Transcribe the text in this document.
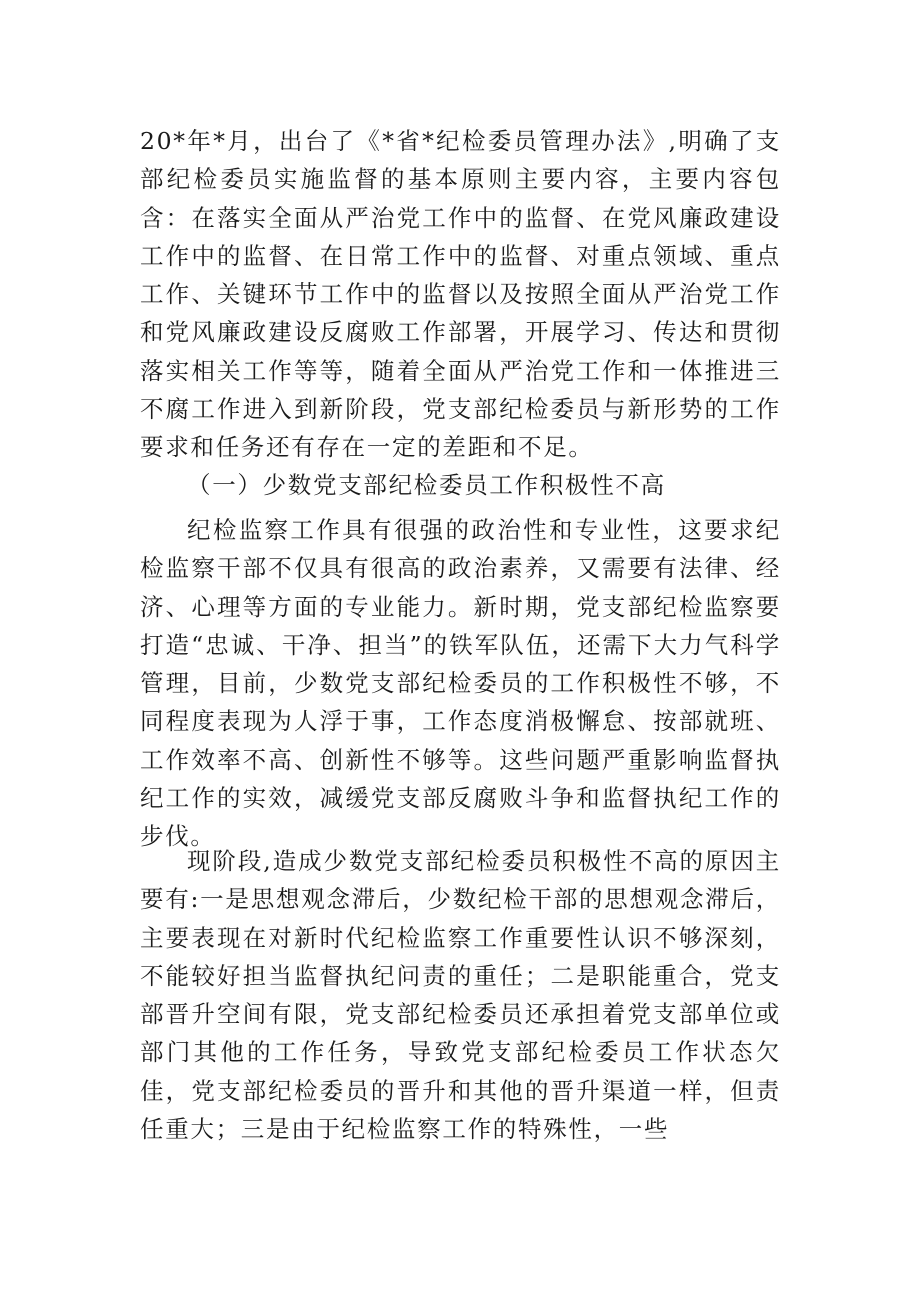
20*年*月，出台了《*省*纪检委员管理办法》,明确了支部纪检委员实施监督的基本原则主要内容，主要内容包含：在落实全面从严治党工作中的监督、在党风廉政建设工作中的监督、在日常工作中的监督、对重点领域、重点工作、关键环节工作中的监督以及按照全面从严治党工作和党风廉政建设反腐败工作部署，开展学习、传达和贯彻落实相关工作等等，随着全面从严治党工作和一体推进三不腐工作进入到新阶段，党支部纪检委员与新形势的工作要求和任务还有存在一定的差距和不足。

（一）少数党支部纪检委员工作积极性不高

纪检监察工作具有很强的政治性和专业性，这要求纪检监察干部不仅具有很高的政治素养，又需要有法律、经济、心理等方面的专业能力。新时期，党支部纪检监察要打造“忠诚、干净、担当”的铁军队伍，还需下大力气科学管理，目前，少数党支部纪检委员的工作积极性不够，不同程度表现为人浮于事，工作态度消极懈怠、按部就班、工作效率不高、创新性不够等。这些问题严重影响监督执纪工作的实效，减缓党支部反腐败斗争和监督执纪工作的步伐。

现阶段,造成少数党支部纪检委员积极性不高的原因主要有:一是思想观念滞后，少数纪检干部的思想观念滞后，主要表现在对新时代纪检监察工作重要性认识不够深刻，不能较好担当监督执纪问责的重任；二是职能重合，党支部晋升空间有限，党支部纪检委员还承担着党支部单位或部门其他的工作任务，导致党支部纪检委员工作状态欠佳，党支部纪检委员的晋升和其他的晋升渠道一样，但责任重大；三是由于纪检监察工作的特殊性，一些
